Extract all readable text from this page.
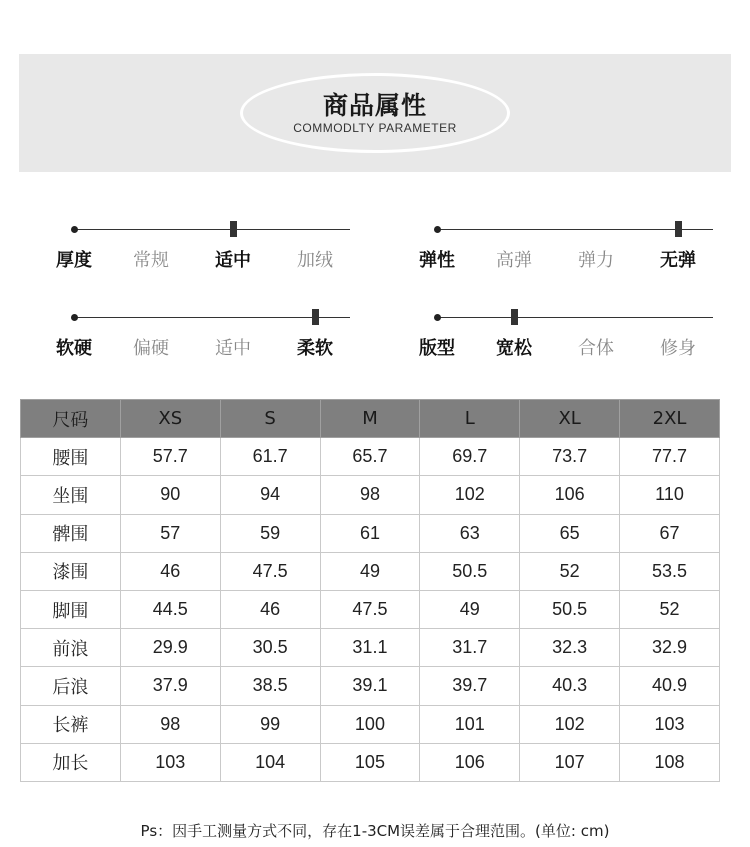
商品属性
COMMODLTY PARAMETER
厚度	常规	适中	加绒	弹性	高弹	弹力	无弹
软硬	偏硬	适中	柔软	版型	宽松	合体	修身
尺码	XS	S	M	L	XL	2XL
腰围	57.7	61.7	65.7	69.7	73.7	77.7
坐围	90	94	98	102	106	110
髀围	57	59	61	63	65	67
漆围	46	47.5	49	50.5	52	53.5
脚围	44.5	46	47.5	49	50.5	52
前浪	29.9	30.5	31.1	31.7	32.3	32.9
后浪	37.9	38.5	39.1	39.7	40.3	40.9
长裤	98	99	100	101	102	103
加长	103	104	105	106	107	108
Ps：因手工测量方式不同，存在1-3CM误差属于合理范围。(单位: cm)
